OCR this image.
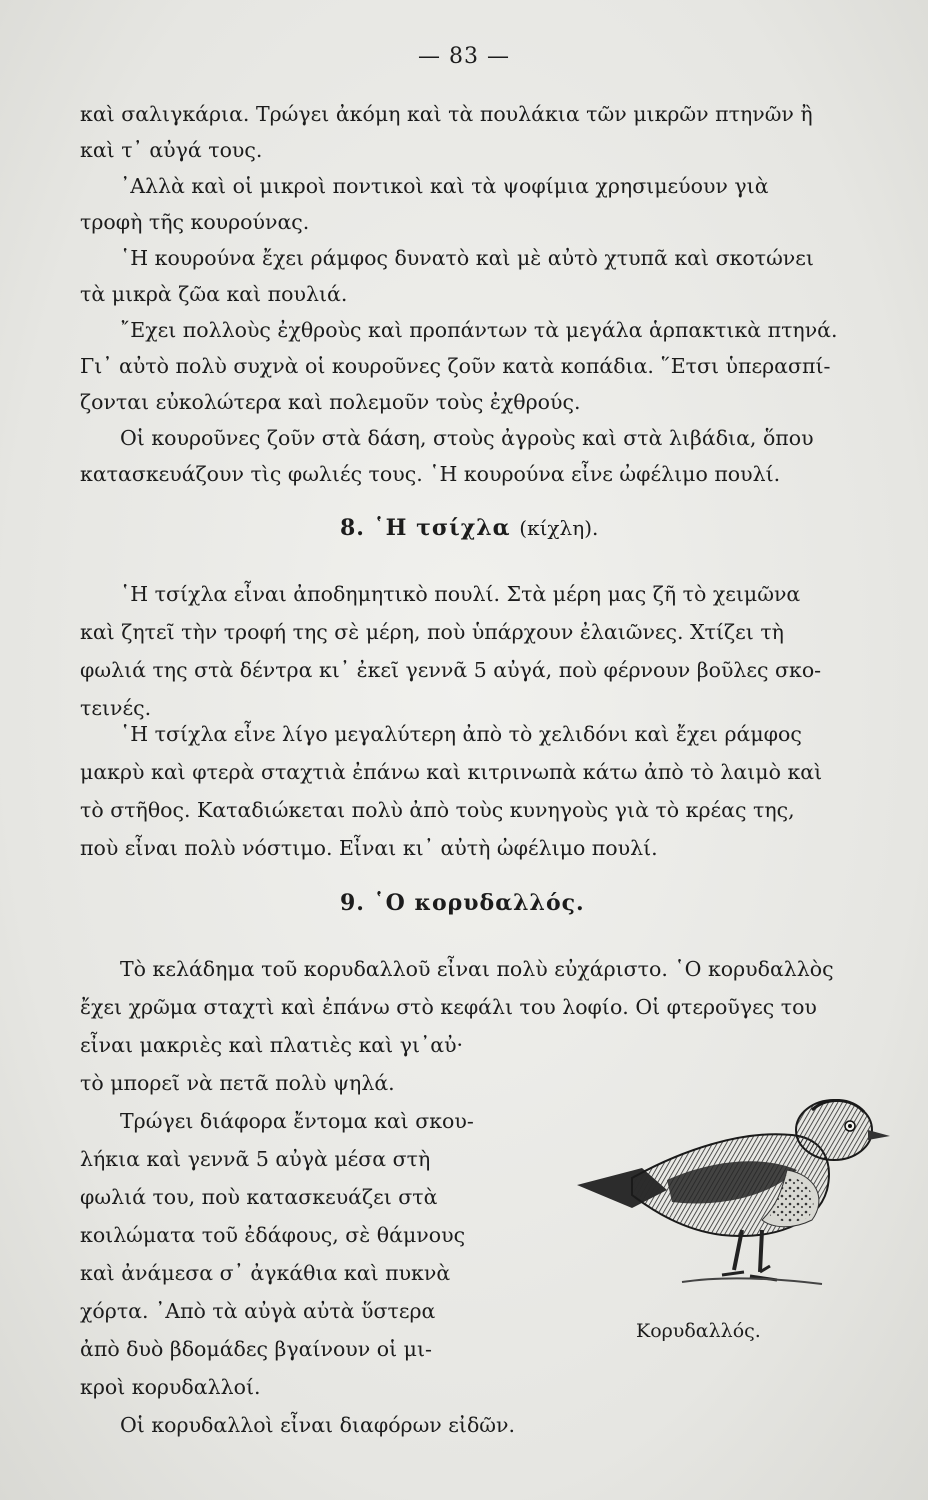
— 83 —
καὶ σαλιγκάρια. Τρώγει ἀκόμη καὶ τὰ πουλάκια τῶν μικρῶν πτηνῶν ἢ
καὶ τ᾿ αὐγά τους.
᾿Αλλὰ καὶ οἱ μικροὶ ποντικοὶ καὶ τὰ ψοφίμια χρησιμεύουν γιὰ
τροφὴ τῆς κουρούνας.
῾Η κουρούνα ἔχει ράμφος δυνατὸ καὶ μὲ αὐτὸ χτυπᾶ καὶ σκοτώνει
τὰ μικρὰ ζῶα καὶ πουλιά.
῎Εχει πολλοὺς ἐχθροὺς καὶ προπάντων τὰ μεγάλα ἁρπακτικὰ πτηνά.
Γι᾿ αὐτὸ πολὺ συχνὰ οἱ κουροῦνες ζοῦν κατὰ κοπάδια. ῞Ετσι ὑπερασπί-
ζονται εὐκολώτερα καὶ πολεμοῦν τοὺς ἐχθρούς.
Οἱ κουροῦνες ζοῦν στὰ δάση, στοὺς ἀγροὺς καὶ στὰ λιβάδια, ὅπου
κατασκευάζουν τὶς φωλιές τους. ῾Η κουρούνα εἶνε ὠφέλιμο πουλί.
8. ῾Η τσίχλα (κίχλη).
῾Η τσίχλα εἶναι ἀποδημητικὸ πουλί. Στὰ μέρη μας ζῆ τὸ χειμῶνα
καὶ ζητεῖ τὴν τροφή της σὲ μέρη, ποὺ ὑπάρχουν ἐλαιῶνες. Χτίζει τὴ
φωλιά της στὰ δέντρα κι᾿ ἐκεῖ γεννᾶ 5 αὐγά, ποὺ φέρνουν βοῦλες σκο-
τεινές.
῾Η τσίχλα εἶνε λίγο μεγαλύτερη ἀπὸ τὸ χελιδόνι καὶ ἔχει ράμφος
μακρὺ καὶ φτερὰ σταχτιὰ ἐπάνω καὶ κιτρινωπὰ κάτω ἀπὸ τὸ λαιμὸ καὶ
τὸ στῆθος. Καταδιώκεται πολὺ ἀπὸ τοὺς κυνηγοὺς γιὰ τὸ κρέας της,
ποὺ εἶναι πολὺ νόστιμο. Εἶναι κι᾿ αὐτὴ ὠφέλιμο πουλί.
9. ῾Ο κορυδαλλός.
Τὸ κελάδημα τοῦ κορυδαλλοῦ εἶναι πολὺ εὐχάριστο. ῾Ο κορυδαλλὸς
ἔχει χρῶμα σταχτὶ καὶ ἐπάνω στὸ κεφάλι του λοφίο. Οἱ φτεροῦγες του
εἶναι μακριὲς καὶ πλατιὲς καὶ γι᾿αὐ·
τὸ μπορεῖ νὰ πετᾶ πολὺ ψηλά.
Τρώγει διάφορα ἔντομα καὶ σκου-
λήκια καὶ γεννᾶ 5 αὐγὰ μέσα στὴ
φωλιά του, ποὺ κατασκευάζει στὰ
κοιλώματα τοῦ ἐδάφους, σὲ θάμνους
καὶ ἀνάμεσα σ᾿ ἀγκάθια καὶ πυκνὰ
χόρτα. ᾿Απὸ τὰ αὐγὰ αὐτὰ ὕστερα
ἀπὸ δυὸ βδομάδες βγαίνουν οἱ μι-
κροὶ κορυδαλλοί.
Οἱ κορυδαλλοὶ εἶναι διαφόρων εἰδῶν.
Κορυδαλλός.
